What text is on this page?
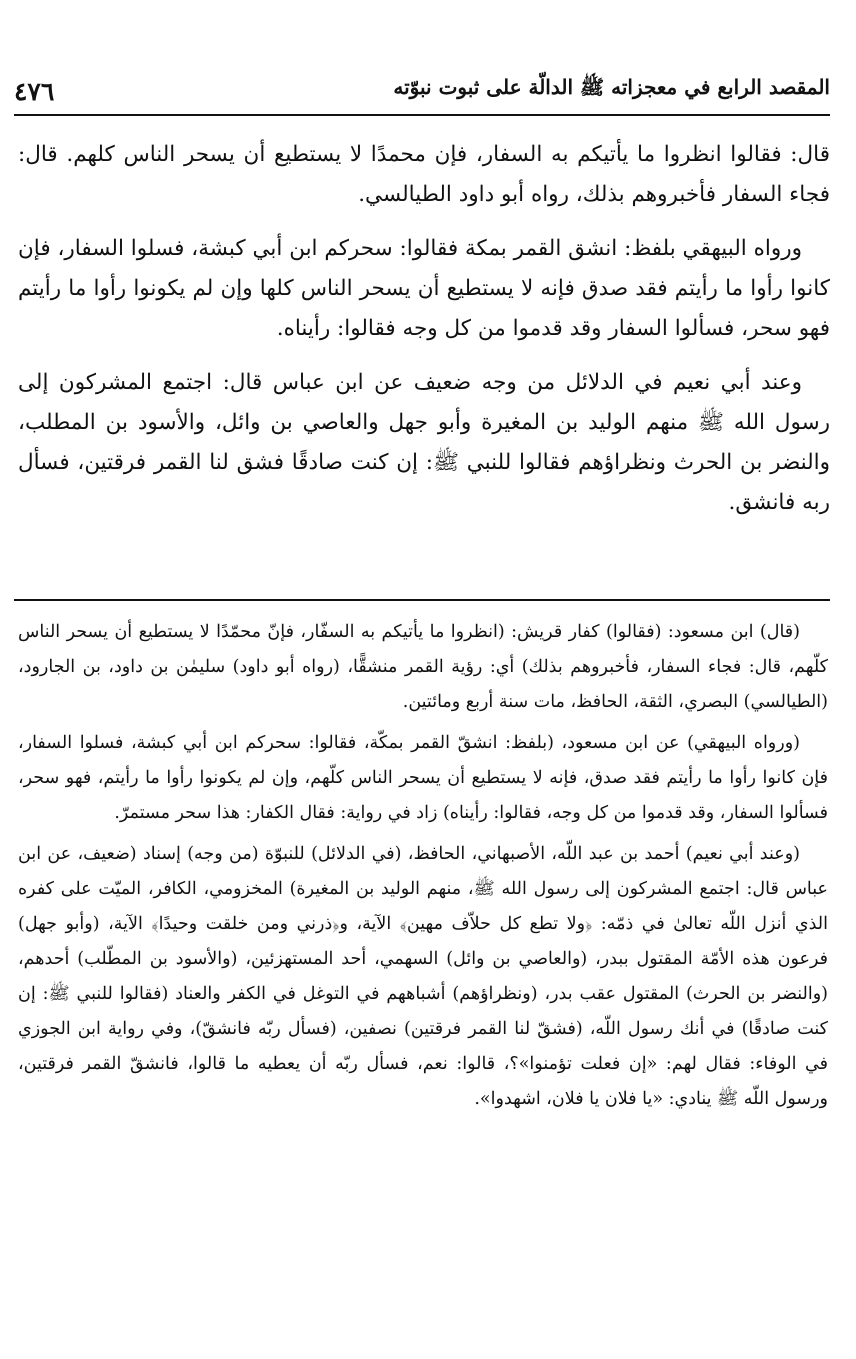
المقصد الرابع في معجزاته ﷺ الدالّة على ثبوت نبوّته
٤٧٦

قال: فقالوا انظروا ما يأتيكم به السفار، فإن محمدًا لا يستطيع أن يسحر الناس كلهم. قال: فجاء السفار فأخبروهم بذلك، رواه أبو داود الطيالسي.

ورواه البيهقي بلفظ: انشق القمر بمكة فقالوا: سحركم ابن أبي كبشة، فسلوا السفار، فإن كانوا رأوا ما رأيتم فقد صدق فإنه لا يستطيع أن يسحر الناس كلها وإن لم يكونوا رأوا ما رأيتم فهو سحر، فسألوا السفار وقد قدموا من كل وجه فقالوا: رأيناه.

وعند أبي نعيم في الدلائل من وجه ضعيف عن ابن عباس قال: اجتمع المشركون إلى رسول الله ﷺ منهم الوليد بن المغيرة وأبو جهل والعاصي بن وائل، والأسود بن المطلب، والنضر بن الحرث ونظراؤهم فقالوا للنبي ﷺ: إن كنت صادقًا فشق لنا القمر فرقتين، فسأل ربه فانشق.

(قال) ابن مسعود: (فقالوا) كفار قريش: (انظروا ما يأتيكم به السفّار، فإنّ محمّدًا لا يستطيع أن يسحر الناس كلّهم، قال: فجاء السفار، فأخبروهم بذلك) أي: رؤية القمر منشقًّا، (رواه أبو داود) سليمٰن بن داود، بن الجارود، (الطيالسي) البصري، الثقة، الحافظ، مات سنة أربع ومائتين.

(ورواه البيهقي) عن ابن مسعود، (بلفظ: انشقّ القمر بمكّة، فقالوا: سحركم ابن أبي كبشة، فسلوا السفار، فإن كانوا رأوا ما رأيتم فقد صدق، فإنه لا يستطيع أن يسحر الناس كلّهم، وإن لم يكونوا رأوا ما رأيتم، فهو سحر، فسألوا السفار، وقد قدموا من كل وجه، فقالوا: رأيناه) زاد في رواية: فقال الكفار: هذا سحر مستمرّ.

(وعند أبي نعيم) أحمد بن عبد اللّه، الأصبهاني، الحافظ، (في الدلائل) للنبوّة (من وجه) إسناد (ضعيف، عن ابن عباس قال: اجتمع المشركون إلى رسول الله ﷺ، منهم الوليد بن المغيرة) المخزومي، الكافر، الميّت على كفره الذي أنزل اللّه تعالىٰ في ذمّه: ﴿ولا تطع كل حلاّف مهين﴾ الآية، و﴿ذرني ومن خلقت وحيدًا﴾ الآية، (وأبو جهل) فرعون هذه الأمّة المقتول ببدر، (والعاصي بن وائل) السهمي، أحد المستهزئين، (والأسود بن المطّلب) أحدهم، (والنضر بن الحرث) المقتول عقب بدر، (ونظراؤهم) أشباههم في التوغل في الكفر والعناد (فقالوا للنبي ﷺ: إن كنت صادقًا) في أنك رسول اللّه، (فشقّ لنا القمر فرقتين) نصفين، (فسأل ربّه فانشقّ)، وفي رواية ابن الجوزي في الوفاء: فقال لهم: «إن فعلت تؤمنوا»؟، قالوا: نعم، فسأل ربّه أن يعطيه ما قالوا، فانشقّ القمر فرقتين، ورسول اللّه ﷺ ينادي: «يا فلان يا فلان، اشهدوا».
